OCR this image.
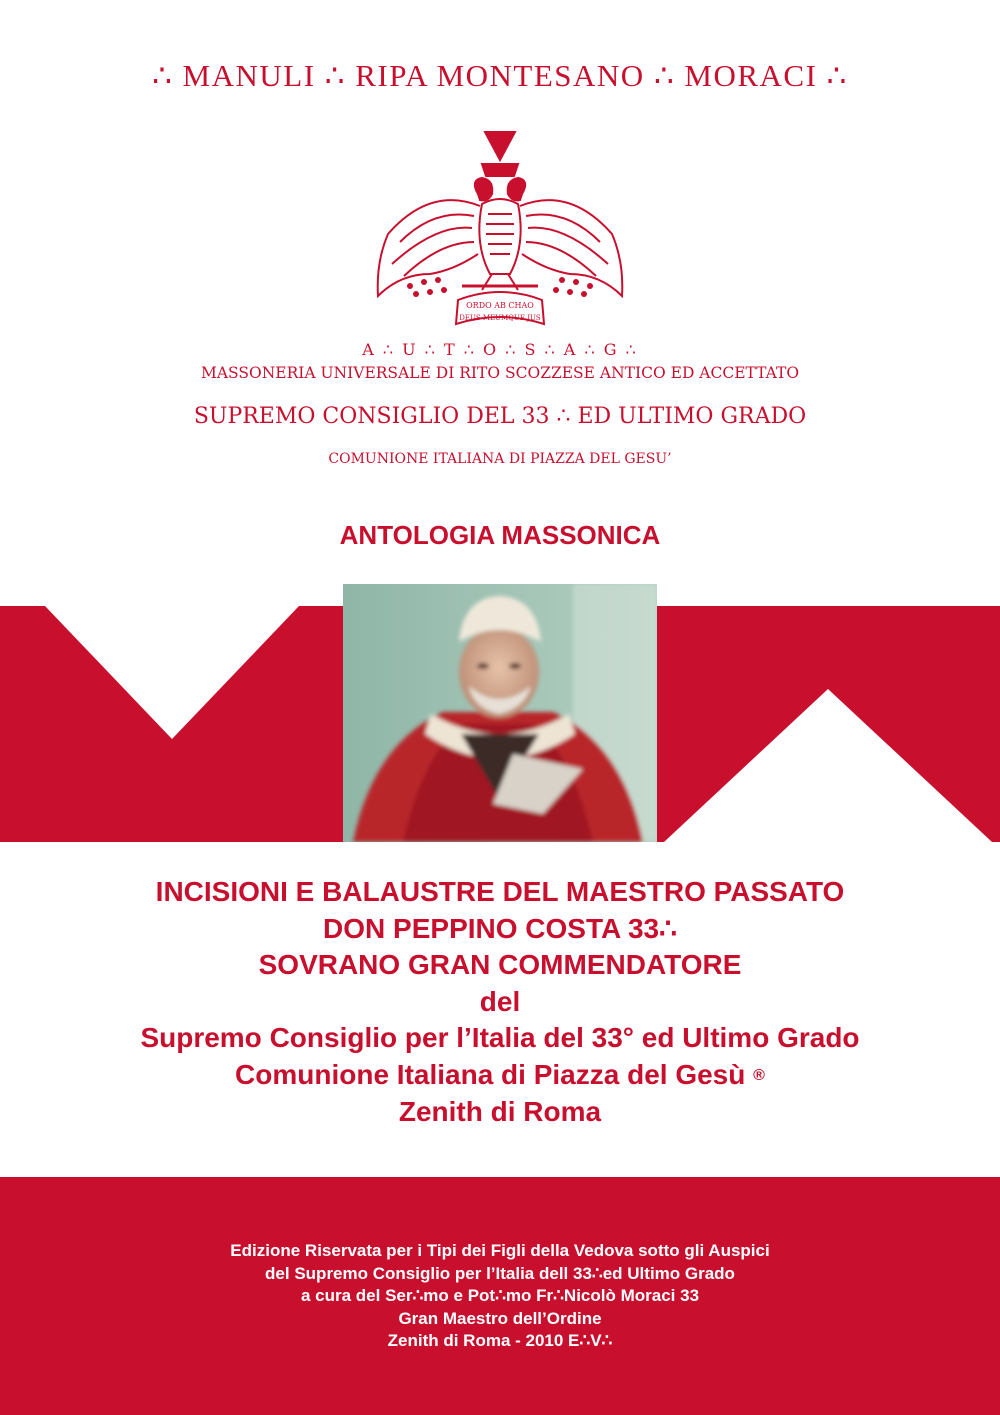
∴ MANULI ∴ RIPA MONTESANO ∴ MORACI ∴
ORDO AB CHAO
DEUS MEUMQUE JUS
A ∴ U ∴ T ∴ O ∴ S ∴ A ∴ G ∴
MASSONERIA UNIVERSALE DI RITO SCOZZESE ANTICO ED ACCETTATO
SUPREMO CONSIGLIO DEL 33 ∴ ED ULTIMO GRADO
COMUNIONE ITALIANA DI PIAZZA DEL GESU’
ANTOLOGIA MASSONICA
INCISIONI E BALAUSTRE DEL MAESTRO PASSATO
DON PEPPINO COSTA 33∴
SOVRANO GRAN COMMENDATORE
del
Supremo Consiglio per l’Italia del 33° ed Ultimo Grado
Comunione Italiana di Piazza del Gesù ®
Zenith di Roma
Edizione Riservata per i Tipi dei Figli della Vedova sotto gli Auspici
del Supremo Consiglio per l’Italia dell 33∴ed Ultimo Grado
a cura del Ser∴mo e Pot∴mo Fr∴Nicolò Moraci 33
Gran Maestro dell’Ordine
Zenith di Roma - 2010 E∴V∴
